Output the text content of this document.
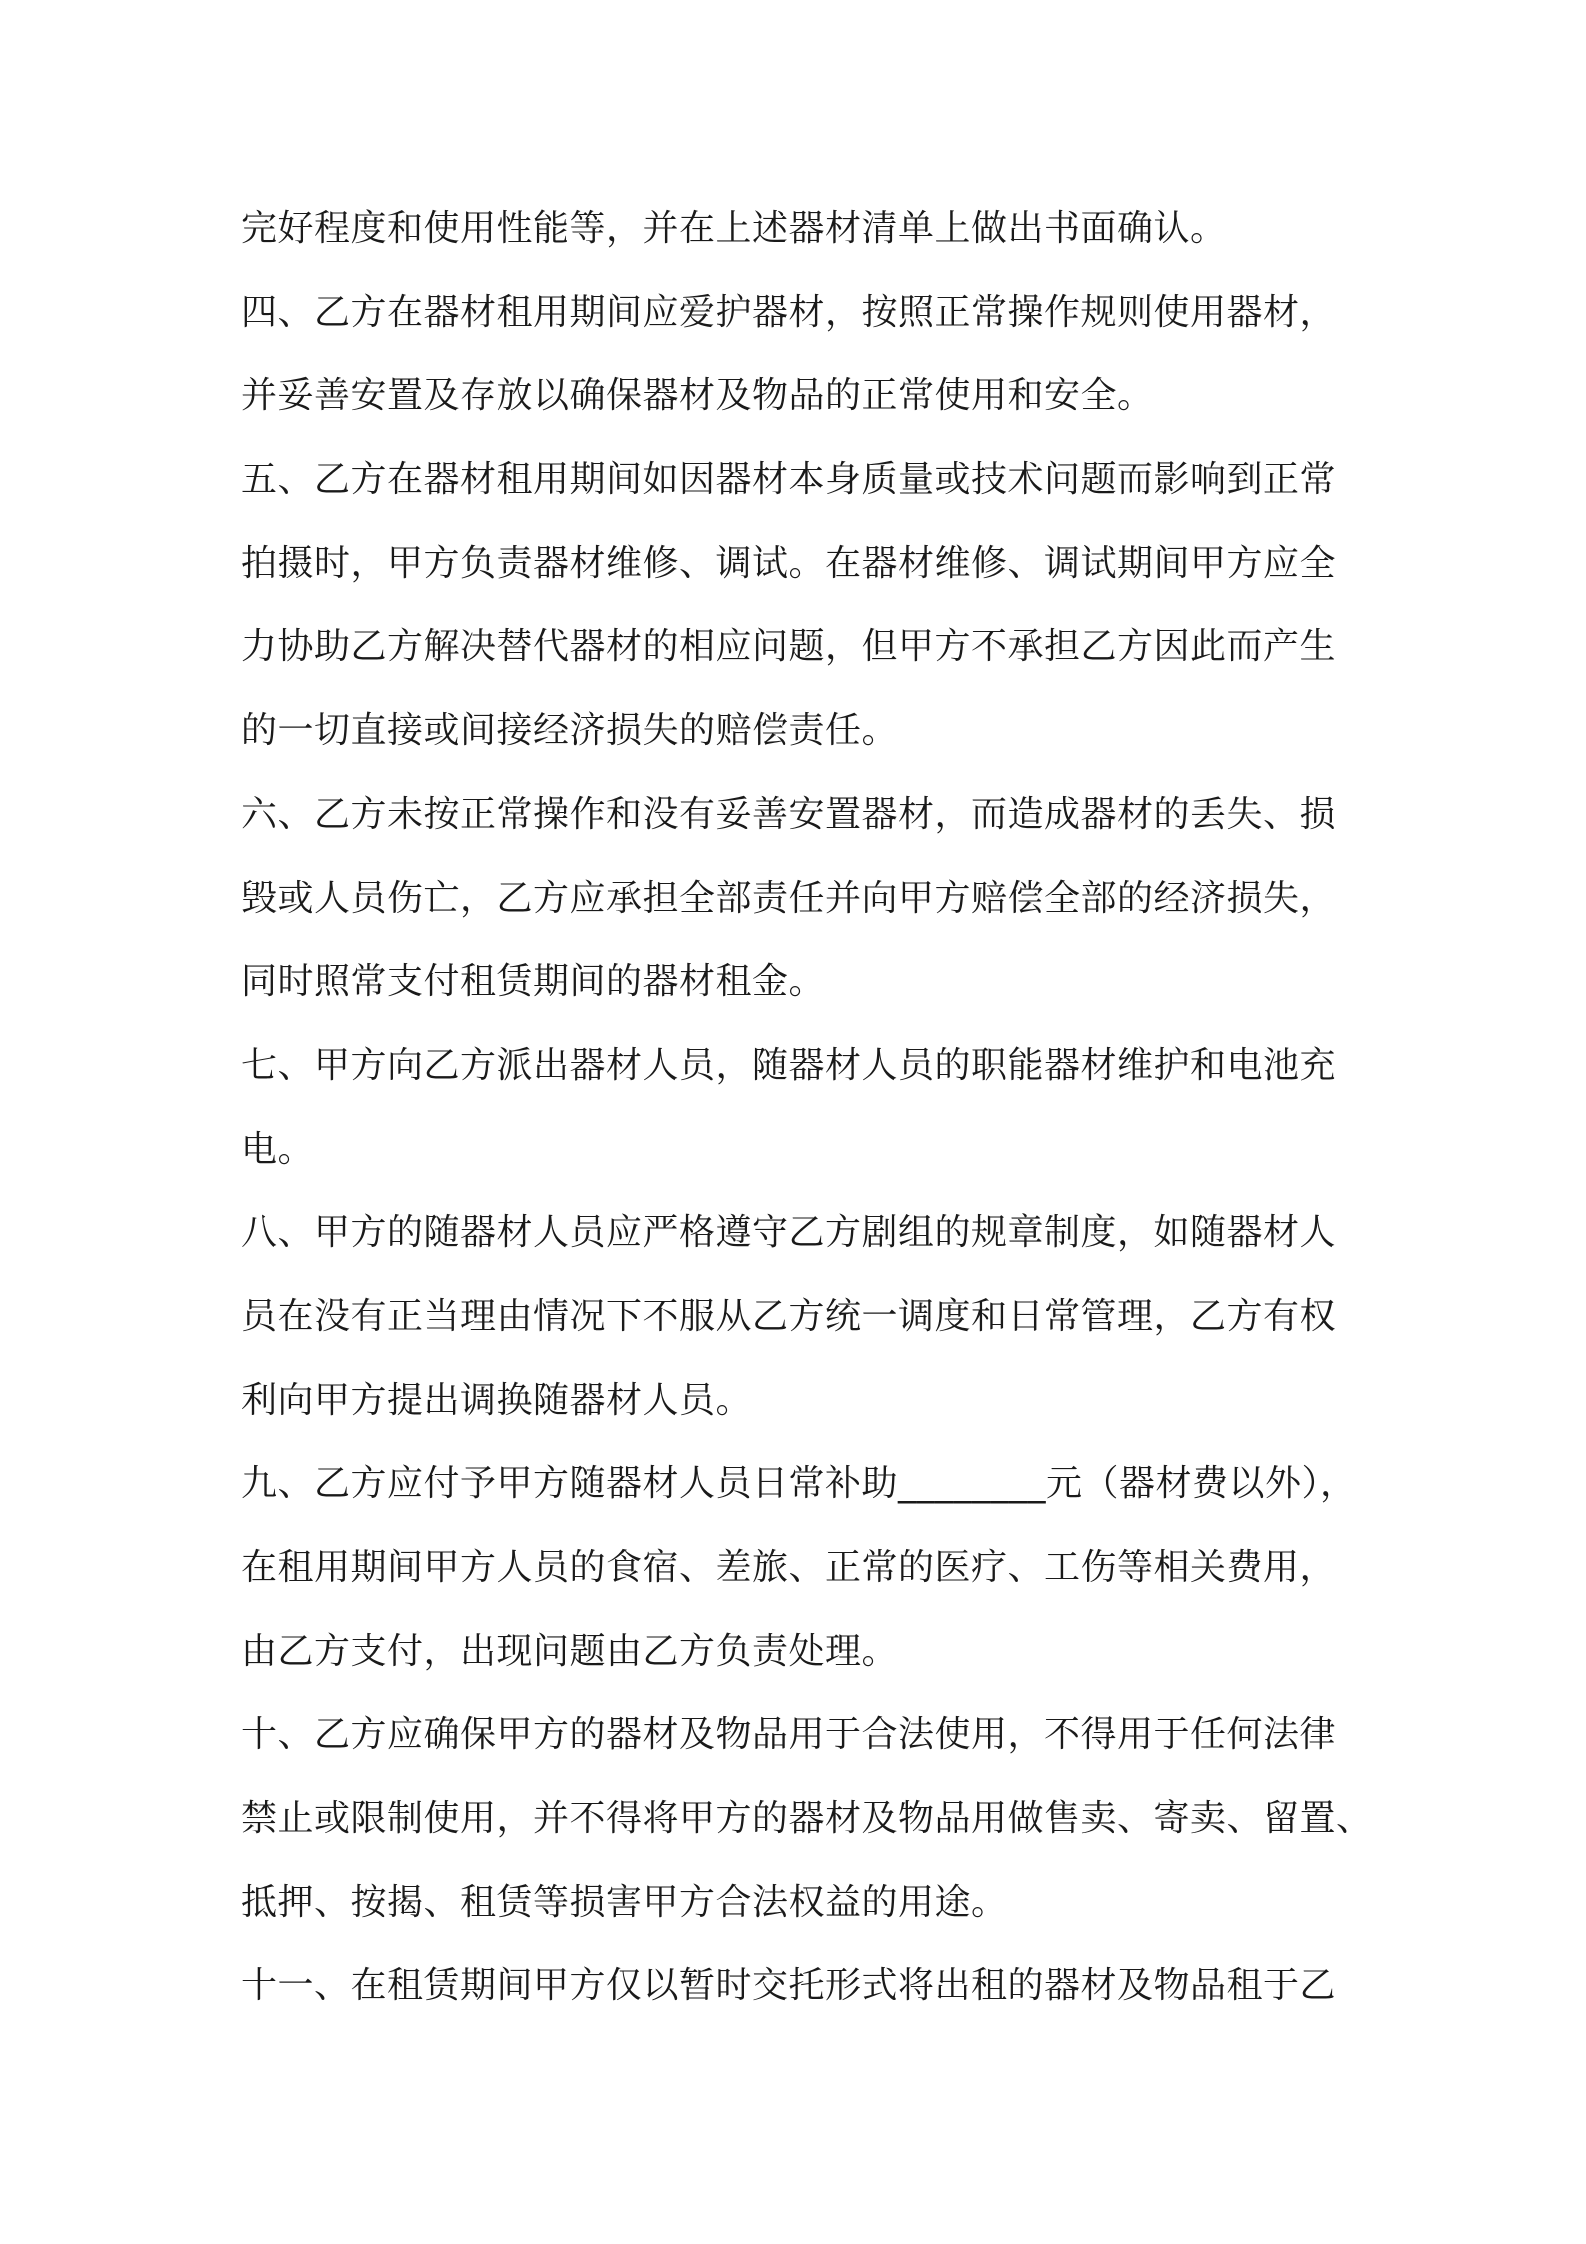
完好程度和使用性能等，并在上述器材清单上做出书面确认。
四、乙方在器材租用期间应爱护器材，按照正常操作规则使用器材，
并妥善安置及存放以确保器材及物品的正常使用和安全。
五、乙方在器材租用期间如因器材本身质量或技术问题而影响到正常
拍摄时，甲方负责器材维修、调试。在器材维修、调试期间甲方应全
力协助乙方解决替代器材的相应问题，但甲方不承担乙方因此而产生
的一切直接或间接经济损失的赔偿责任。
六、乙方未按正常操作和没有妥善安置器材，而造成器材的丢失、损
毁或人员伤亡，乙方应承担全部责任并向甲方赔偿全部的经济损失，
同时照常支付租赁期间的器材租金。
七、甲方向乙方派出器材人员，随器材人员的职能器材维护和电池充
电。
八、甲方的随器材人员应严格遵守乙方剧组的规章制度，如随器材人
员在没有正当理由情况下不服从乙方统一调度和日常管理，乙方有权
利向甲方提出调换随器材人员。
九、乙方应付予甲方随器材人员日常补助________元（器材费以外），
在租用期间甲方人员的食宿、差旅、正常的医疗、工伤等相关费用，
由乙方支付，出现问题由乙方负责处理。
十、乙方应确保甲方的器材及物品用于合法使用，不得用于任何法律
禁止或限制使用，并不得将甲方的器材及物品用做售卖、寄卖、留置、
抵押、按揭、租赁等损害甲方合法权益的用途。
十一、在租赁期间甲方仅以暂时交托形式将出租的器材及物品租于乙
